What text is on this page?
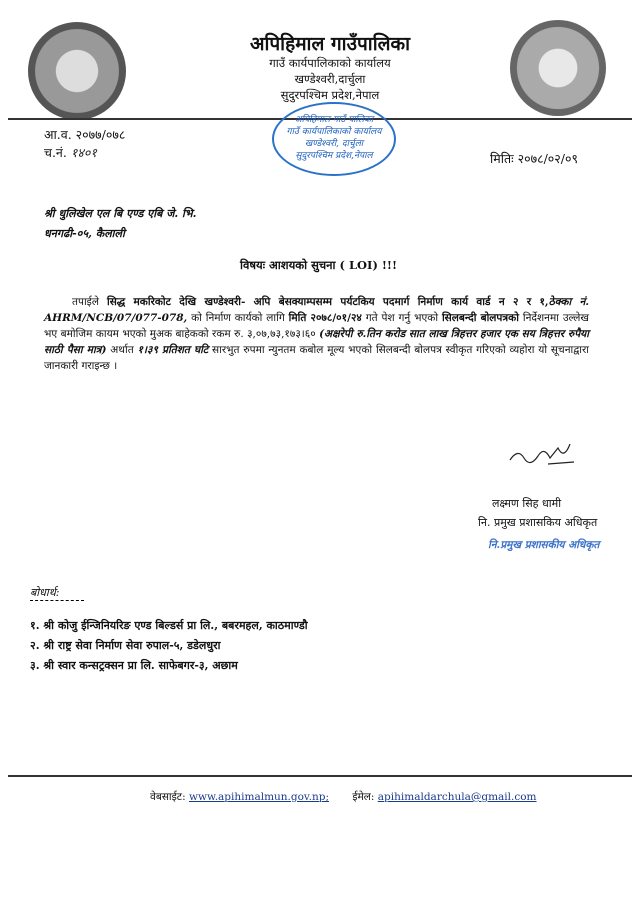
अपिहिमाल गाउँपालिका
गाउँ कार्यपालिकाको कार्यालय
खण्डेश्वरी,दार्चुला
सुदुरपश्चिम प्रदेश,नेपाल
अपिहिमाल गाउँ पालिका
गाउँ कार्यपालिकाको कार्यालय
खण्डेश्वरी, दार्चुला
सुदुरपश्चिम प्रदेश,नेपाल
आ.व. २०७७/०७८
च.नं. १४०१	मितिः २०७८/०२/०९
श्री धुलिखेल एल बि एण्ड एबि जे. भि.
धनगढी-०५, कैलाली
विषयः आशयको सुचना ( LOI) !!!
तपाईले सिद्ध मकरिकोट देखि खण्डेश्वरी- अपि बेसक्याम्पसम्म पर्यटकिय पदमार्ग निर्माण कार्य वार्ड न २ र १,ठेक्का नं. AHRM/NCB/07/077-078, को निर्माण कार्यको लागि मिति २०७८/०१/२४ गते पेश गर्नु भएको सिलबन्दी बोलपत्रको निर्देशनमा उल्लेख भए बमोजिम कायम भएको मुअक बाहेकको रकम रु. ३,०७,७३,१७३।६० (अक्षरेपी रु.तिन करोड सात लाख त्रिहत्तर हजार एक सय त्रिहत्तर रुपैया साठी पैसा मात्र) अर्थात १।३९ प्रतिशत घटि सारभुत रुपमा न्युनतम कबोल मूल्य भएको सिलबन्दी बोलपत्र स्वीकृत गरिएको व्यहोरा यो सूचनाद्वारा जानकारी गराइन्छ ।
लक्ष्मण सिह धामी
नि. प्रमुख प्रशासकिय अधिकृत
नि.प्रमुख प्रशासकीय अधिकृत
बोधार्थ:
१. श्री कोजु ईन्जिनियरिङ एण्ड बिल्डर्स प्रा लि., बबरमहल, काठमाण्डौ
२. श्री राष्ट्र सेवा निर्माण सेवा रुपाल-५, डडेलधुरा
३. श्री स्वार कन्सट्रक्सन प्रा लि. साफेबगर-३, अछाम
वेबसाईट: www.apihimalmun.gov.np; ईमेल: apihimaldarchula@gmail.com
